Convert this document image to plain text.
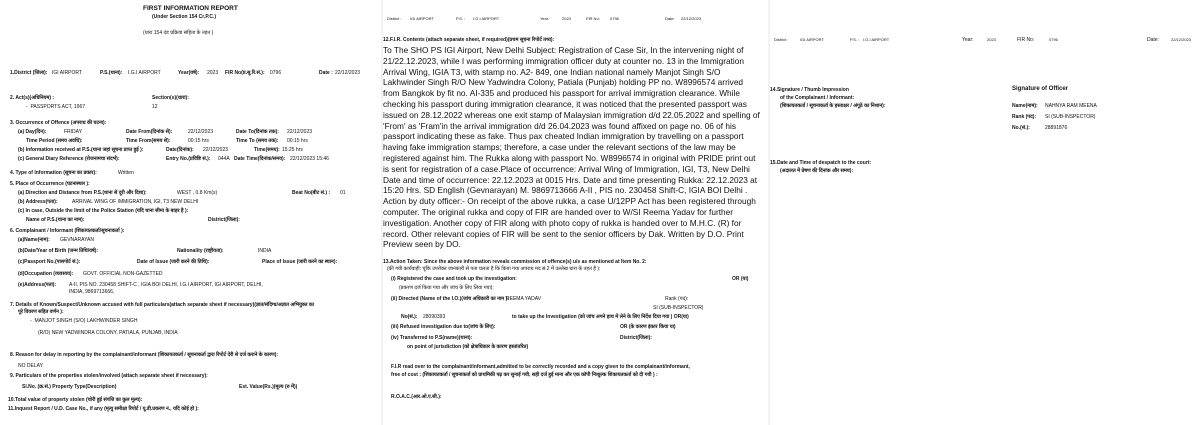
FIRST INFORMATION REPORT
(Under Section 154 Cr.P.C.)
(धारा 154 दंड प्रक्रिया संहिता के तहत )
1.District (जिला): IGI AIRPORT	P.S.(थाना): I.G.I AIRPORT	Year(वर्ष): 2023 FIR No(प्र.सू.रि.सं.): 0796	Date : 22/12/2023
2. Act(s)(अधिनियम) :	Section(s)(धारा):
-  PASSPORTS ACT, 1967	12
3. Occurrence of Offence (अपराध की घटना):
(a) Day(दिन):	FRIDAY	Date From(दिनांक से):	22/12/2023	Date To(दिनांक तक): 22/12/2023
Time Period (समय अवधि):	Time From(समय से):	00:15 hrs	Time To (समय तक): 00:15 hrs
(b) Information received at P.S.(थाना जहां सूचना प्राप्त हुई ):	Date(दिनांक): 22/12/2023	Time(समय): 15:25 hrs
(c) General Diary Reference (रोजनामचा संदर्भ):	Entry No.(प्रविष्टि सं.): 044A Date Time(दिनांक/समय): 22/12/2023 15:46
4. Type of Information (सूचना का प्रकार):	Written
5. Place of Occurrence (घटनास्थल ):
(a) Direction and Distance from P.S.(थाना से दूरी और दिशा):	WEST , 0.8 Km(s)	Beat No(बीट सं.) : 01
(b) Address(पता):	ARRIVAL WING OF IMMIGRATION, IGI, T3 NEW DELHI
(c) In case, Outside the limit of the Police Station (यदि थाना सीमा के बाहर है ):
Name of P.S.(थाना का नाम):	District(जिला):
6. Complainant / Informant (शिकायतकर्ता/सूचनाकर्ता ):
(a)Name(नाम): GEVNARAYAN
(b)Date/Year of Birth (जन्म तिथि/वर्ष):	Nationality (राष्ट्रीयता):	INDIA
(c)Passport No.(पासपोर्ट सं.):	Date of Issue (जारी करने की तिथि):	Place of Issue (जारी करने का स्थान):
(d)Occupation (व्यवसाय): GOVT. OFFICIAL NON-GAZETTED
(e)Address(पता):	A-II, PIS NO. 230458 SHIFT-C , IGIA BOI DELHI, I.G.I AIRPORT, IGI AIRPORT, DELHI,
INDIA, 9869713666,
7. Details of Known/Suspect/Unknown accused with full particulars(attach separate sheet if necessary)(ज्ञात/संदिग्ध/अज्ञात अभियुक्त का
पूरे विवरण सहित वर्णन ):
-  MANJOT SINGH (S/O) LAKHWINDER SINGH
(R/O) NEW YADWINDRA COLONY, PATIALA, PUNJAB, INDIA
8. Reason for delay in reporting by the complainant/informant (शिकायतकर्ता / सूचनाकर्ता द्वारा रिपोर्ट देरी से दर्ज कराने के कारण):
NO DELAY
9. Particulars of the properties stolen/involved (attach separate sheet if necessary):
Sl.No. (क्र.सं.) Property Type(Description)	Est. Value(Rs.)(मूल्य (रु में))
10.Total value of property stolen (चोरी हुई संपत्ति का कुल मूल्य):
11.Inquest Report / U.D. Case No., if any (मृत्यु समीक्षा रिपोर्ट / यू.डी.प्रकरण न., यदि कोई हो ):
District : IGI AIRPORT	P.S. : I.G.I AIRPORT	Year:	2023	FIR No:	0796	Date: 22/12/2023
12.F.I.R. Contents (attach separate sheet, if required)(प्रथम सूचना रिपोर्ट तथ्य):
To The SHO PS IGI Airport, New Delhi Subject: Registration of Case Sir, In the intervening night of
21/22.12.2023, while I was performing immigration officer duty at counter no. 13 in the Immigration
Arrival Wing, IGIA T3, with stamp no. A2- 849, one Indian national namely Manjot Singh S/O
Lakhwinder Singh R/O New Yadwindra Colony, Patiala (Punjab) holding PP no. W8996574 arrived
from Bangkok by fit no. AI-335 and produced his passport for arrival immigration clearance. While
checking his passport during immigration clearance, it was noticed that the presented passport was
issued on 28.12.2022 whereas one exit stamp of Malaysian immigration d/d 22.05.2022 and spelling of
'From' as 'Fram'in the arrival immigration d/d 26.04.2023 was found affixed on page no. 06 of his
passport indicating these as fake. Thus pax cheated Indian immigration by travelling on a passport
having fake immigration stamps; therefore, a case under the relevant sections of the law may be
registered against him. The Rukka along with passport No. W8996574 in original with PRIDE print out
is sent for registration of a case.Place of occurrence: Arrival Wing of Immigration, IGI, T3, New Delhi
Date and time of occurrence: 22.12.2023 at 0015 Hrs. Date and time presenting Rukka: 22.12.2023 at
15:20 Hrs. SD English (Gevnarayan) M. 9869713666 A-II , PIS no. 230458 Shift-C, IGIA BOI Delhi .
Action by duty officer:- On receipt of the above rukka, a case U/12PP Act has been registered through
computer. The original rukka and copy of FIR are handed over to W/SI Reema Yadav for further
investigation. Another copy of FIR along with photo copy of rukka is handed over to M.H.C. (R) for
record. Other relevant copies of FIR will be sent to the senior officers by Dak. Written by D.O. Print
Preview seen by DO.
13.Action Taken: Since the above information reveals commission of offence(s) u/s as mentioned at Item No. 2:
(की गयी कार्यवाही: चूंकि उपरोक्त जानकारी से पता चलता है कि किया गया अपराध मद सं.2 में उल्लेख धारा के तहत है ):
(i) Registered the case and took up the investigation:	OR (या)
(प्रकरण दर्ज किया गया और जांच के लिए लिया गया):
(ii) Directed (Name of the I.O.)(जांच अधिकारी का नाम ):
REEMA YADAV	Rank (पद):
SI (SUB-INSPECTOR)
No(सं.): 28090393	to take up the Investigation (को जांच अपने हाथ में लेने के लिए निर्देश दिया गया ) OR(या)
(iii) Refused investigation due to(जांच के लिए):	OR (के कारण इंकार किया या)
(iv) Transferred to P.S(name)(थाना):	District(जिला):
on point of jurisdiction (को क्षेत्राधिकार के कारण हस्तांतरित)
F.I.R read over to the complainant/informant,admitted to be correctly recorded and a copy given to the complainant/informant,
free of cost : (शिकायतकर्ता / सूचनाकर्ता को प्राथमिकी पढ़ कर सुनाई गयी, सही दर्ज हुई माना और एक कॉपी निःशुल्क शिकायतकर्ता को दी गयी ) :
R.O.A.C.(आर.ओ.ए.सी.):
District :	IGI AIRPORT	P.S. : I.G.I AIRPORT	Year:	2023	FIR No:	0796	Date:	22/12/2023
14.Signature / Thumb Impression
of the Complainant / Informant:
(शिकायतकर्ता / सूचनाकर्ता के हस्ताक्षर / अंगूठे का निशान):
Signature of Officer
Name(नाम): NAHNYA RAM MEENA
Rank (पद): SI (SUB-INSPECTOR)
No.(सं.):	28891876
15.Date and Time of despatch to the court:
(अदालत में प्रेषण की दिनांक और समय):
